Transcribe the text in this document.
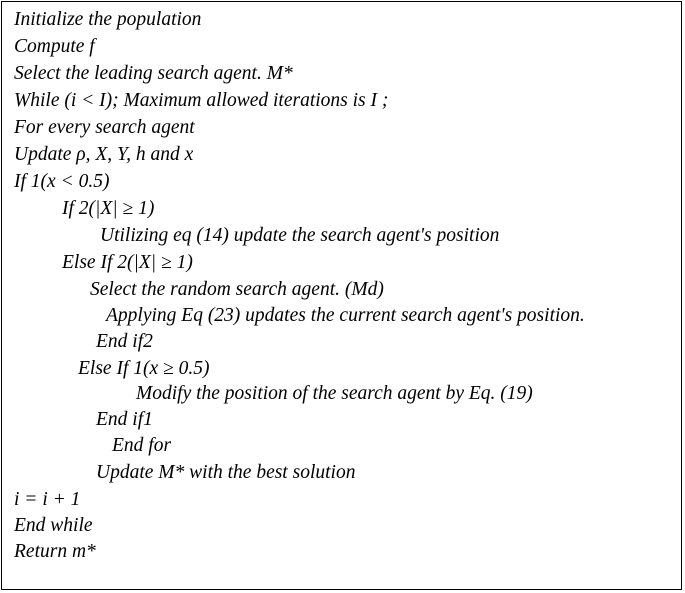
Initialize the population
Compute f
Select the leading search agent. M*
While (i < I); Maximum allowed iterations is I ;
For every search agent
Update ρ, X, Y, h and x
If 1(x < 0.5)
If 2(|X| ≥ 1)
Utilizing eq (14) update the search agent's position
Else If 2(|X| ≥ 1)
Select the random search agent. (Md)
Applying Eq (23) updates the current search agent's position.
End if2
Else If 1(x ≥ 0.5)
Modify the position of the search agent by Eq. (19)
End if1
End for
Update M* with the best solution
i = i + 1
End while
Return m*
